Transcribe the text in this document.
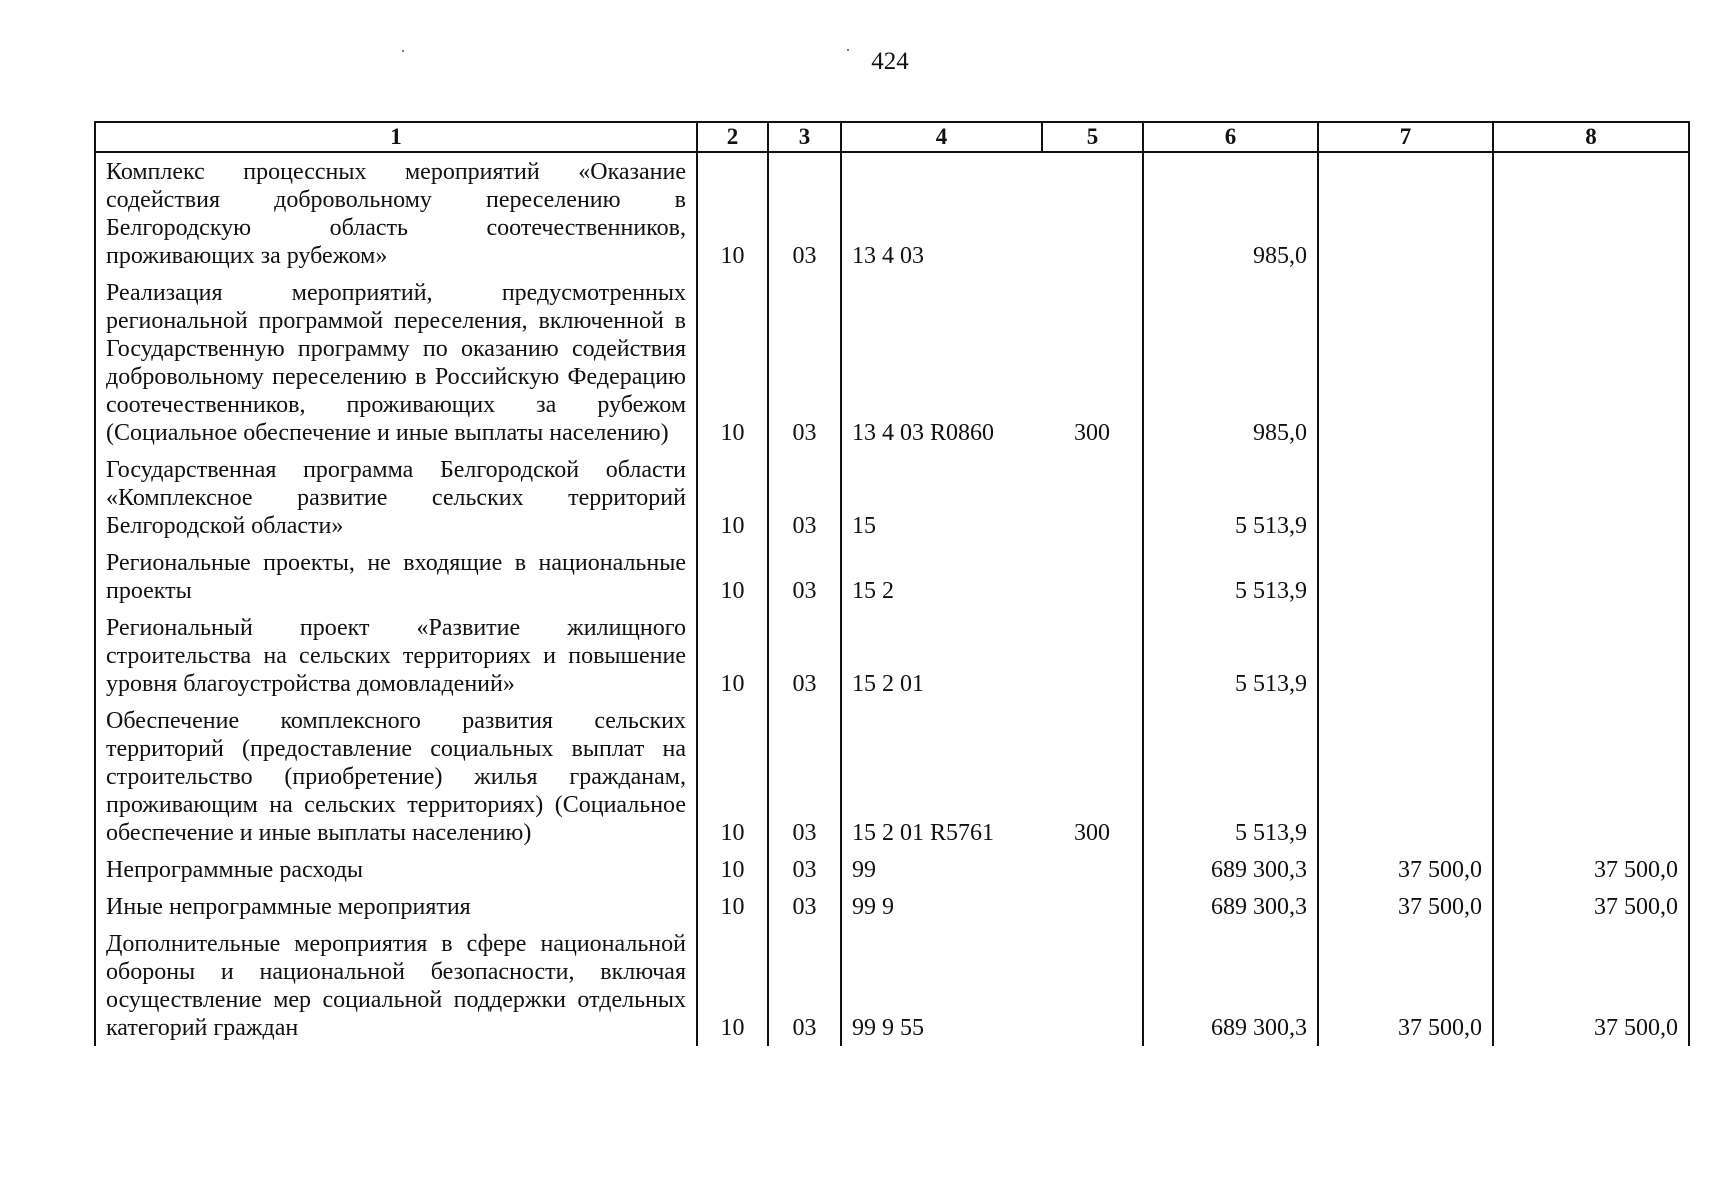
424
1	2	3	4	5	6	7	8
Комплекс процессных мероприятий «Оказание содействия добровольному переселению в Белгородскую область соотечественников, проживающих за рубежом»	10	03	13 4 03		985,0		
Реализация мероприятий, предусмотренных региональной программой переселения, включенной в Государственную программу по оказанию содействия добровольному переселению в Российскую Федерацию соотечественников, проживающих за рубежом (Социальное обеспечение и иные выплаты населению)	10	03	13 4 03 R0860	300	985,0		
Государственная программа Белгородской области «Комплексное развитие сельских территорий Белгородской области»	10	03	15		5 513,9		
Региональные проекты, не входящие в национальные проекты	10	03	15 2		5 513,9		
Региональный проект «Развитие жилищного строительства на сельских территориях и повышение уровня благоустройства домовладений»	10	03	15 2 01		5 513,9		
Обеспечение комплексного развития сельских территорий (предоставление социальных выплат на строительство (приобретение) жилья гражданам, проживающим на сельских территориях) (Социальное обеспечение и иные выплаты населению)	10	03	15 2 01 R5761	300	5 513,9		
Непрограммные расходы	10	03	99		689 300,3	37 500,0	37 500,0
Иные непрограммные мероприятия	10	03	99 9		689 300,3	37 500,0	37 500,0
Дополнительные мероприятия в сфере национальной обороны и национальной безопасности, включая осуществление мер социальной поддержки отдельных категорий граждан	10	03	99 9 55		689 300,3	37 500,0	37 500,0
